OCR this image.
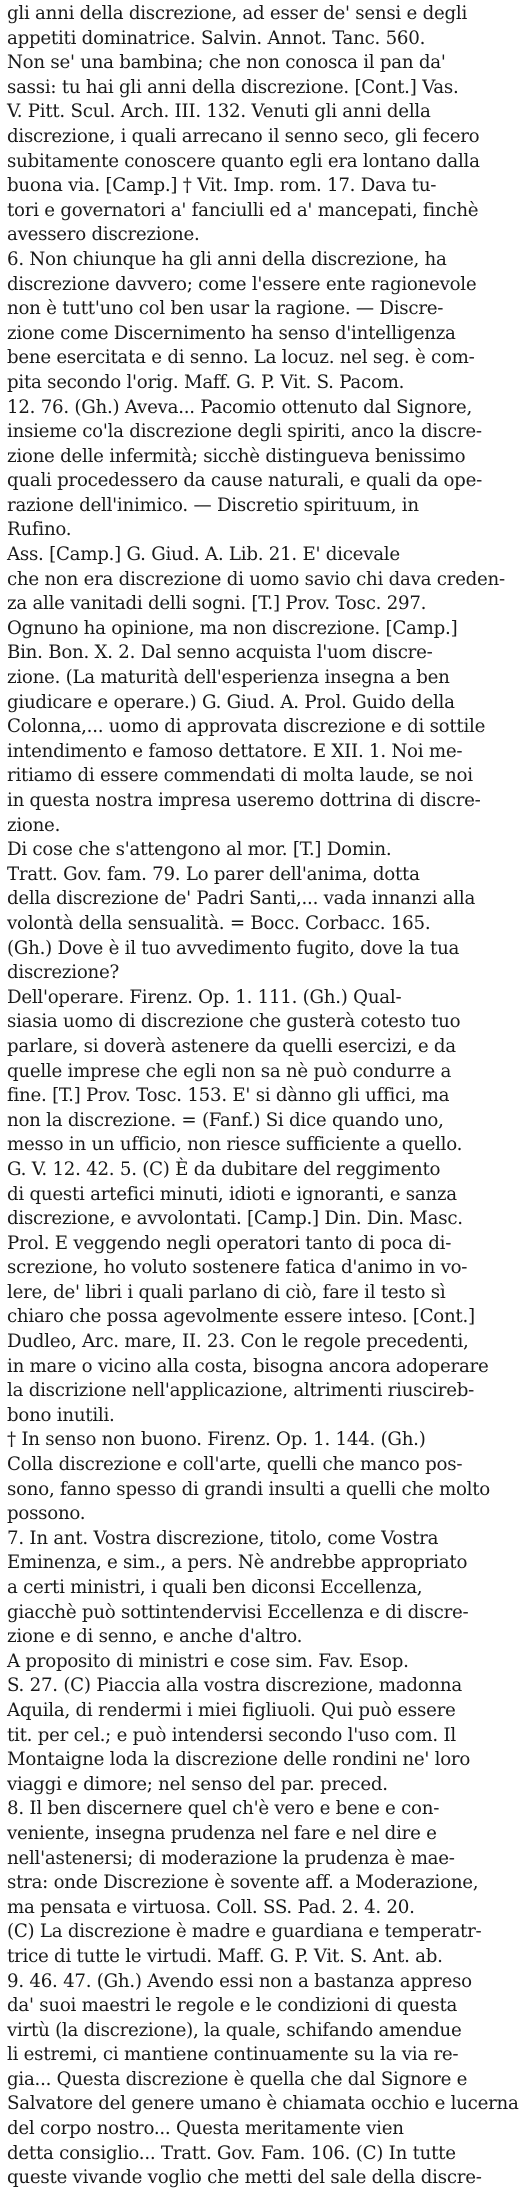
gli anni della discrezione, ad esser de' sensi e degli
appetiti dominatrice. Salvin. Annot. Tanc. 560.
Non se' una bambina; che non conosca il pan da'
sassi: tu hai gli anni della discrezione. [Cont.] Vas.
V. Pitt. Scul. Arch. III. 132. Venuti gli anni della
discrezione, i quali arrecano il senno seco, gli fecero
subitamente conoscere quanto egli era lontano dalla
buona via. [Camp.] † Vit. Imp. rom. 17. Dava tu-
tori e governatori a' fanciulli ed a' mancepati, finchè
avessero discrezione.
6. Non chiunque ha gli anni della discrezione, ha
discrezione davvero; come l'essere ente ragionevole
non è tutt'uno col ben usar la ragione. — Discre-
zione come Discernimento ha senso d'intelligenza
bene esercitata e di senno. La locuz. nel seg. è com-
pita secondo l'orig. Maff. G. P. Vit. S. Pacom.
12. 76. (Gh.) Aveva... Pacomio ottenuto dal Signore,
insieme co'la discrezione degli spiriti, anco la discre-
zione delle infermità; sicchè distingueva benissimo
quali procedessero da cause naturali, e quali da ope-
razione dell'inimico. — Discretio spirituum, in
Rufino.
Ass. [Camp.] G. Giud. A. Lib. 21. E' dicevale
che non era discrezione di uomo savio chi dava creden-
za alle vanitadi delli sogni. [T.] Prov. Tosc. 297.
Ognuno ha opinione, ma non discrezione. [Camp.]
Bin. Bon. X. 2. Dal senno acquista l'uom discre-
zione. (La maturità dell'esperienza insegna a ben
giudicare e operare.) G. Giud. A. Prol. Guido della
Colonna,... uomo di approvata discrezione e di sottile
intendimento e famoso dettatore. E XII. 1. Noi me-
ritiamo di essere commendati di molta laude, se noi
in questa nostra impresa useremo dottrina di discre-
zione.
Di cose che s'attengono al mor. [T.] Domin.
Tratt. Gov. fam. 79. Lo parer dell'anima, dotta
della discrezione de' Padri Santi,... vada innanzi alla
volontà della sensualità. = Bocc. Corbacc. 165.
(Gh.) Dove è il tuo avvedimento fugito, dove la tua
discrezione?
Dell'operare. Firenz. Op. 1. 111. (Gh.) Qual-
siasia uomo di discrezione che gusterà cotesto tuo
parlare, si doverà astenere da quelli esercizi, e da
quelle imprese che egli non sa nè può condurre a
fine. [T.] Prov. Tosc. 153. E' si dànno gli uffici, ma
non la discrezione. = (Fanf.) Si dice quando uno,
messo in un ufficio, non riesce sufficiente a quello.
G. V. 12. 42. 5. (C) È da dubitare del reggimento
di questi artefici minuti, idioti e ignoranti, e sanza
discrezione, e avvolontati. [Camp.] Din. Din. Masc.
Prol. E veggendo negli operatori tanto di poca di-
screzione, ho voluto sostenere fatica d'animo in vo-
lere, de' libri i quali parlano di ciò, fare il testo sì
chiaro che possa agevolmente essere inteso. [Cont.]
Dudleo, Arc. mare, II. 23. Con le regole precedenti,
in mare o vicino alla costa, bisogna ancora adoperare
la discrizione nell'applicazione, altrimenti riuscireb-
bono inutili.
† In senso non buono. Firenz. Op. 1. 144. (Gh.)
Colla discrezione e coll'arte, quelli che manco pos-
sono, fanno spesso di grandi insulti a quelli che molto
possono.
7. In ant. Vostra discrezione, titolo, come Vostra
Eminenza, e sim., a pers. Nè andrebbe appropriato
a certi ministri, i quali ben diconsi Eccellenza,
giacchè può sottintendervisi Eccellenza e di discre-
zione e di senno, e anche d'altro.
A proposito di ministri e cose sim. Fav. Esop.
S. 27. (C) Piaccia alla vostra discrezione, madonna
Aquila, di rendermi i miei figliuoli. Qui può essere
tit. per cel.; e può intendersi secondo l'uso com. Il
Montaigne loda la discrezione delle rondini ne' loro
viaggi e dimore; nel senso del par. preced.
8. Il ben discernere quel ch'è vero e bene e con-
veniente, insegna prudenza nel fare e nel dire e
nell'astenersi; di moderazione la prudenza è mae-
stra: onde Discrezione è sovente aff. a Moderazione,
ma pensata e virtuosa. Coll. SS. Pad. 2. 4. 20.
(C) La discrezione è madre e guardiana e temperatr-
trice di tutte le virtudi. Maff. G. P. Vit. S. Ant. ab.
9. 46. 47. (Gh.) Avendo essi non a bastanza appreso
da' suoi maestri le regole e le condizioni di questa
virtù (la discrezione), la quale, schifando amendue
li estremi, ci mantiene continuamente su la via re-
gia... Questa discrezione è quella che dal Signore e
Salvatore del genere umano è chiamata occhio e lucerna
del corpo nostro... Questa meritamente vien
detta consiglio... Tratt. Gov. Fam. 106. (C) In tutte
queste vivande voglio che metti del sale della discre-
